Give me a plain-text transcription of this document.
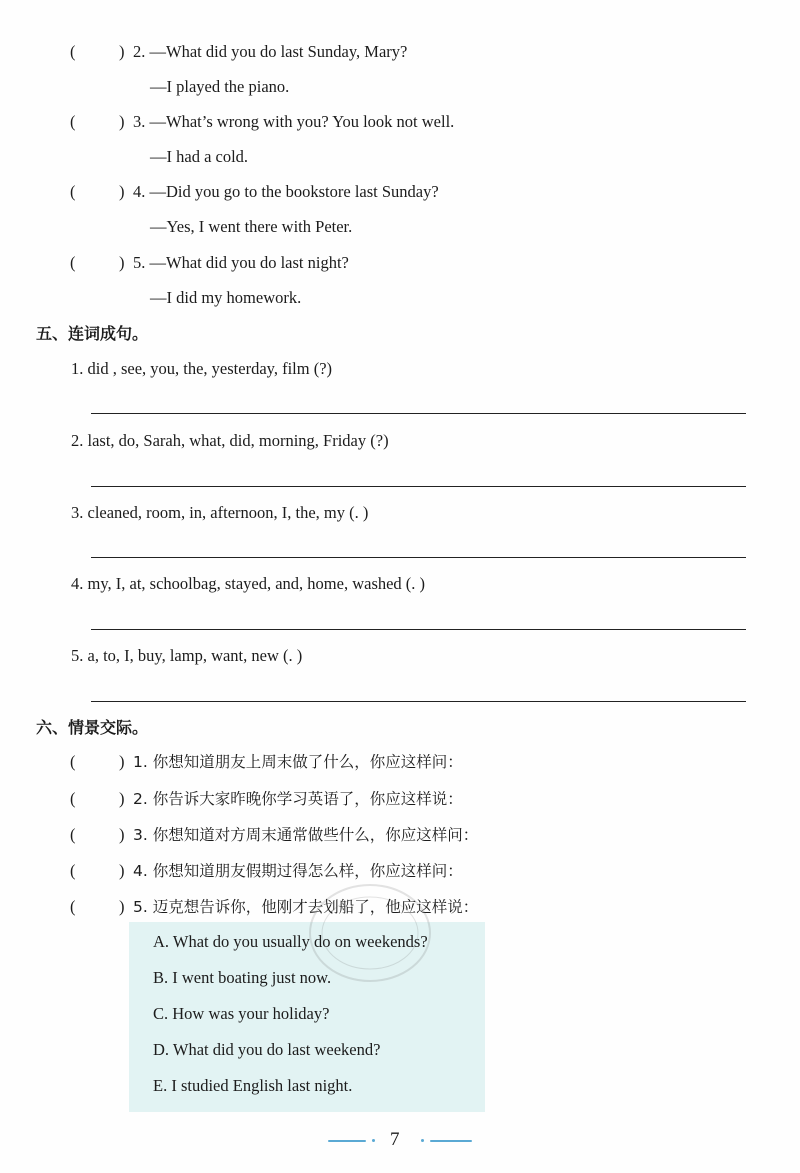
(	) 2. —What did you do last Sunday, Mary?
—I played the piano.
(	) 3. —What’s wrong with you? You look not well.
—I had a cold.
(	) 4. —Did you go to the bookstore last Sunday?
—Yes, I went there with Peter.
(	) 5. —What did you do last night?
—I did my homework.
五、连词成句。
1. did , see, you, the, yesterday, film (?)
2. last, do, Sarah, what, did, morning, Friday (?)
3. cleaned, room, in, afternoon, I, the, my (. )
4. my, I, at, schoolbag, stayed, and, home, washed (. )
5. a, to, I, buy, lamp, want, new (. )
六、情景交际。
(	) 1. 你想知道朋友上周末做了什么，你应这样问：
(	) 2. 你告诉大家昨晚你学习英语了，你应这样说：
(	) 3. 你想知道对方周末通常做些什么，你应这样问：
(	) 4. 你想知道朋友假期过得怎么样，你应这样问：
(	) 5. 迈克想告诉你，他刚才去划船了，他应这样说：
A. What do you usually do on weekends?
B. I went boating just now.
C. How was your holiday?
D. What did you do last weekend?
E. I studied English last night.
7
